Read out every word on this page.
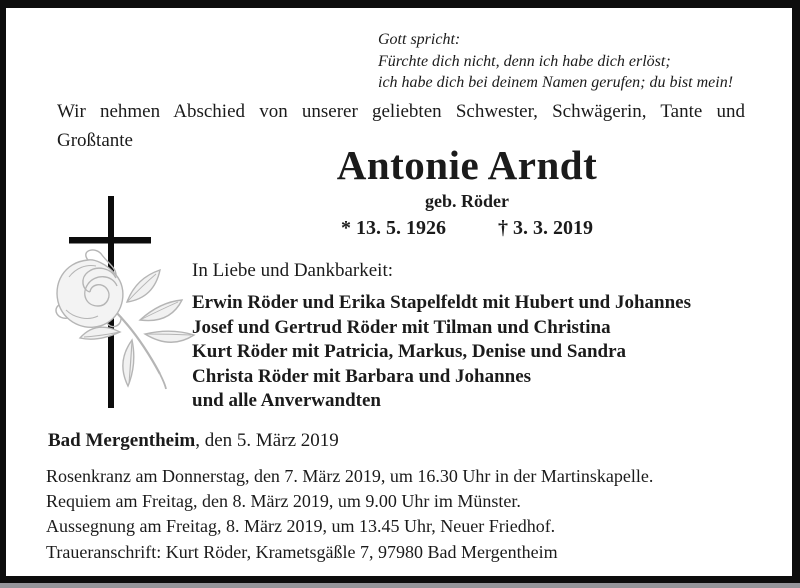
Gott spricht:
Fürchte dich nicht, denn ich habe dich erlöst;
ich habe dich bei deinem Namen gerufen; du bist mein!
Wir nehmen Abschied von unserer geliebten Schwester, Schwägerin, Tante und
Großtante
Antonie Arndt
geb. Röder
* 13. 5. 1926	† 3. 3. 2019
In Liebe und Dankbarkeit:
Erwin Röder und Erika Stapelfeldt mit Hubert und Johannes
Josef und Gertrud Röder mit Tilman und Christina
Kurt Röder mit Patricia, Markus, Denise und Sandra
Christa Röder mit Barbara und Johannes
und alle Anverwandten
Bad Mergentheim, den 5. März 2019
Rosenkranz am Donnerstag, den 7. März 2019, um 16.30 Uhr in der Martinskapelle.
Requiem am Freitag, den 8. März 2019, um 9.00 Uhr im Münster.
Aussegnung am Freitag, 8. März 2019, um 13.45 Uhr, Neuer Friedhof.
Traueranschrift: Kurt Röder, Krametsgäßle 7, 97980 Bad Mergentheim
